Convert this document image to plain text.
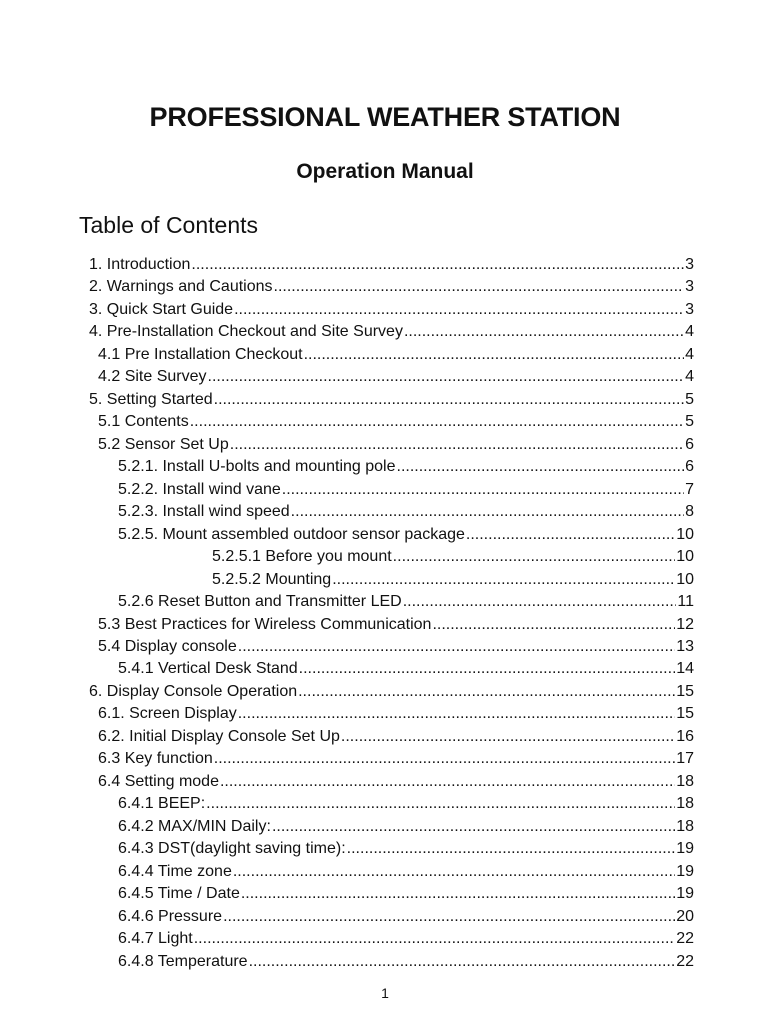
PROFESSIONAL WEATHER STATION
Operation Manual
Table of Contents
1. Introduction .....	3
2. Warnings and Cautions .....	3
3. Quick Start Guide .....	3
4. Pre-Installation Checkout and Site Survey .....	4
4.1 Pre Installation Checkout .....	4
4.2 Site Survey .....	4
5. Setting Started .....	5
5.1 Contents .....	5
5.2 Sensor Set Up .....	6
5.2.1. Install U-bolts and mounting pole .....	6
5.2.2. Install wind vane .....	7
5.2.3. Install wind speed .....	8
5.2.5. Mount assembled outdoor sensor package .....	10
5.2.5.1 Before you mount .....	10
5.2.5.2 Mounting .....	10
5.2.6 Reset Button and Transmitter LED .....	11
5.3 Best Practices for Wireless Communication .....	12
5.4 Display console .....	13
5.4.1 Vertical Desk Stand .....	14
6. Display Console Operation .....	15
6.1. Screen Display .....	15
6.2. Initial Display Console Set Up .....	16
6.3 Key function .....	17
6.4 Setting mode .....	18
6.4.1 BEEP: .....	18
6.4.2 MAX/MIN Daily: .....	18
6.4.3 DST(daylight saving time): .....	19
6.4.4 Time zone .....	19
6.4.5 Time / Date .....	19
6.4.6 Pressure .....	20
6.4.7 Light .....	22
6.4.8 Temperature .....	22
1
